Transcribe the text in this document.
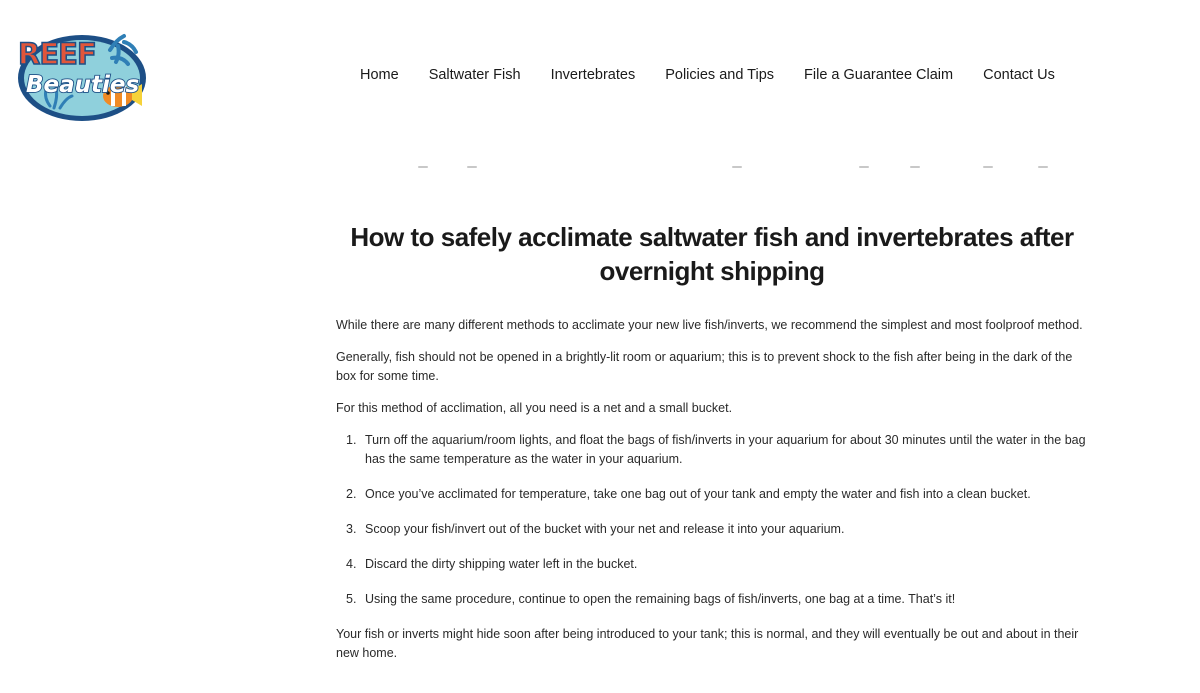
REEF
Beauties	Home Saltwater Fish Invertebrates Policies and Tips File a Guarantee Claim Contact Us
How to safely acclimate saltwater fish and invertebrates after overnight shipping

While there are many different methods to acclimate your new live fish/inverts, we recommend the simplest and most foolproof method.

Generally, fish should not be opened in a brightly-lit room or aquarium; this is to prevent shock to the fish after being in the dark of the box for some time.

For this method of acclimation, all you need is a net and a small bucket.

1. Turn off the aquarium/room lights, and float the bags of fish/inverts in your aquarium for about 30 minutes until the water in the bag has the same temperature as the water in your aquarium.
2. Once you’ve acclimated for temperature, take one bag out of your tank and empty the water and fish into a clean bucket.
3. Scoop your fish/invert out of the bucket with your net and release it into your aquarium.
4. Discard the dirty shipping water left in the bucket.
5. Using the same procedure, continue to open the remaining bags of fish/inverts, one bag at a time. That’s it!

Your fish or inverts might hide soon after being introduced to your tank; this is normal, and they will eventually be out and about in their new home.
